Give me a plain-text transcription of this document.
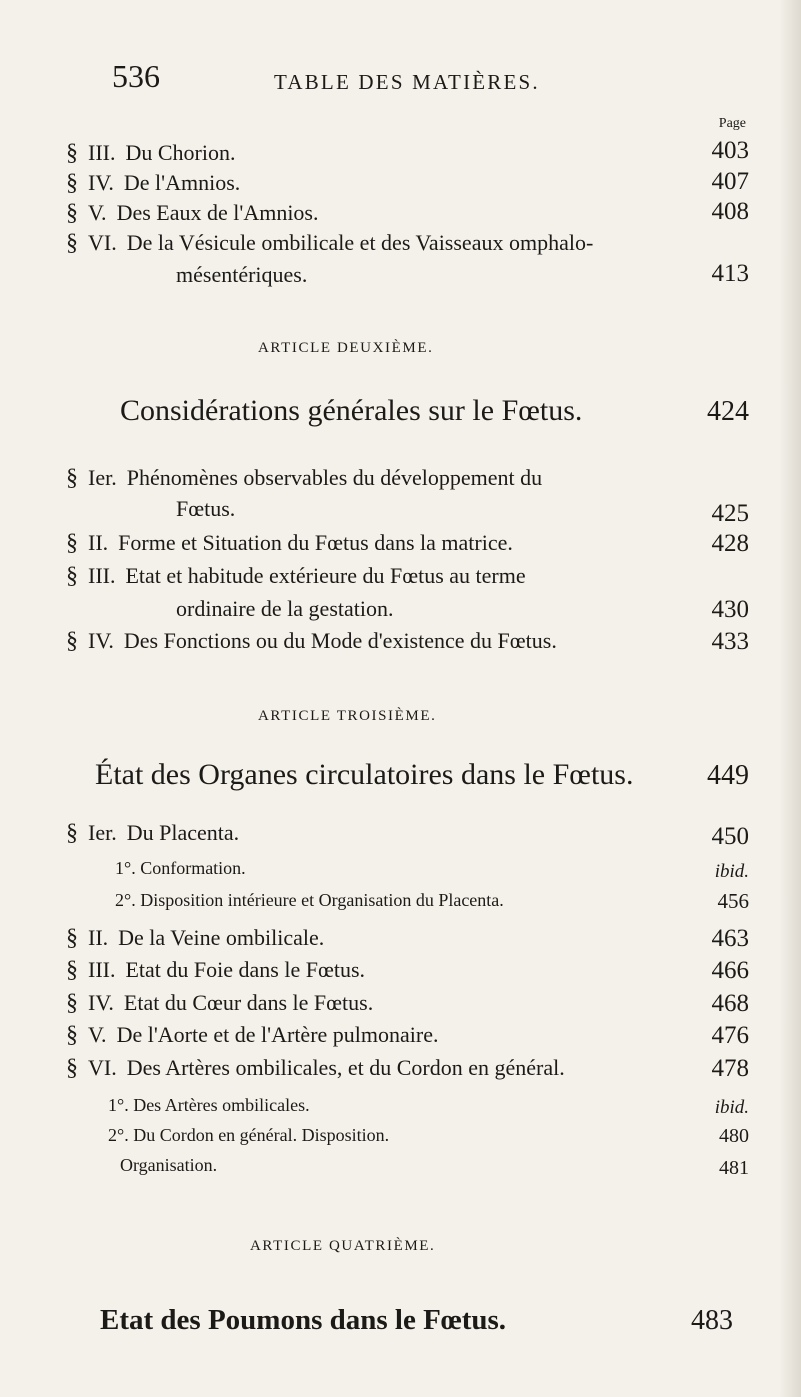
536	TABLE DES MATIÈRES.
Page
§ III. Du Chorion.	403
§ IV. De l'Amnios.	407
§ V. Des Eaux de l'Amnios.	408
§ VI. De la Vésicule ombilicale et des Vaisseaux omphalo-
mésentériques.	413
ARTICLE DEUXIÈME.
Considérations générales sur le Fœtus.	424
§ Ier. Phénomènes observables du développement du
Fœtus.	425
§ II. Forme et Situation du Fœtus dans la matrice.	428
§ III. Etat et habitude extérieure du Fœtus au terme
ordinaire de la gestation.	430
§ IV. Des Fonctions ou du Mode d'existence du Fœtus.	433
ARTICLE TROISIÈME.
État des Organes circulatoires dans le Fœtus.	449
§ Ier. Du Placenta.	450
1°. Conformation.	ibid.
2°. Disposition intérieure et Organisation du Placenta.	456
§ II. De la Veine ombilicale.	463
§ III. Etat du Foie dans le Fœtus.	466
§ IV. Etat du Cœur dans le Fœtus.	468
§ V. De l'Aorte et de l'Artère pulmonaire.	476
§ VI. Des Artères ombilicales, et du Cordon en général.	478
1°. Des Artères ombilicales.	ibid.
2°. Du Cordon en général. Disposition.	480
Organisation.	481
ARTICLE QUATRIÈME.
Etat des Poumons dans le Fœtus.	483
